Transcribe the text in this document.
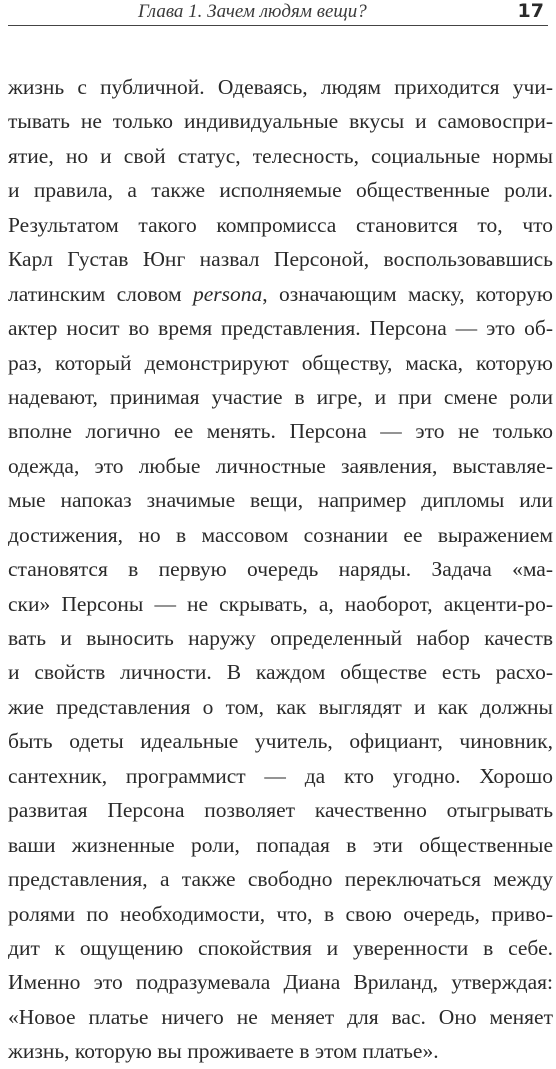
Глава 1. Зачем людям вещи?	17
жизнь с публичной. Одеваясь, людям приходится учи-
тывать не только индивидуальные вкусы и самовоспри-
ятие, но и свой статус, телесность, социальные нормы
и правила, а также исполняемые общественные роли.
Результатом такого компромисса становится то, что
Карл Густав Юнг назвал Персоной, воспользовавшись
латинским словом persona, означающим маску, которую
актер носит во время представления. Персона — это об-
раз, который демонстрируют обществу, маска, которую
надевают, принимая участие в игре, и при смене роли
вполне логично ее менять. Персона — это не только
одежда, это любые личностные заявления, выставляе-
мые напоказ значимые вещи, например дипломы или
достижения, но в массовом сознании ее выражением
становятся в первую очередь наряды. Задача «ма-
ски» Персоны — не скрывать, а, наоборот, акценти-ро-
вать и выносить наружу определенный набор качеств
и свойств личности. В каждом обществе есть расхо-
жие представления о том, как выглядят и как должны
быть одеты идеальные учитель, официант, чиновник,
сантехник, программист — да кто угодно. Хорошо
развитая Персона позволяет качественно отыгрывать
ваши жизненные роли, попадая в эти общественные
представления, а также свободно переключаться между
ролями по необходимости, что, в свою очередь, приво-
дит к ощущению спокойствия и уверенности в себе.
Именно это подразумевала Диана Вриланд, утверждая:
«Новое платье ничего не меняет для вас. Оно меняет
жизнь, которую вы проживаете в этом платье».
